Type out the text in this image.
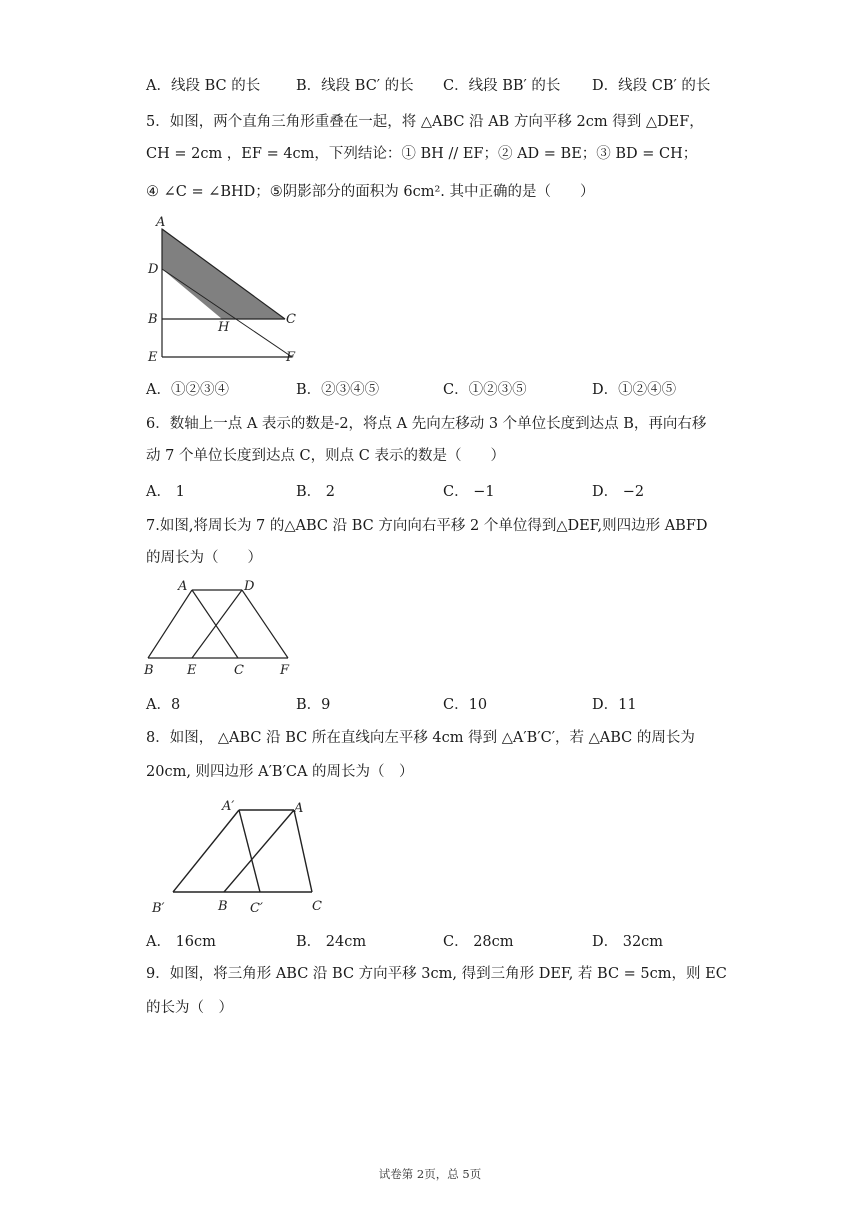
A．线段 BC 的长 B．线段 BC′ 的长 C．线段 BB′ 的长 D．线段 CB′ 的长
5．如图，两个直角三角形重叠在一起，将 △ABC 沿 AB 方向平移 2cm 得到 △DEF，
CH = 2cm ，EF = 4cm，下列结论：① BH // EF；② AD = BE；③ BD = CH；
④ ∠C = ∠BHD；⑤阴影部分的面积为 6cm². 其中正确的是（　　）
A
D
B
H
C
E	F
A．①②③④	B．②③④⑤	C．①②③⑤	D．①②④⑤
6．数轴上一点 A 表示的数是-2，将点 A 先向左移动 3 个单位长度到达点 B，再向右移
动 7 个单位长度到达点 C，则点 C 表示的数是（　　）
A． 1	B． 2	C． −1	D． −2
7.如图,将周长为 7 的△ABC 沿 BC 方向向右平移 2 个单位得到△DEF,则四边形 ABFD
的周长为（　　）
A	D
B	E	C	F
A．8	B．9	C．10	D．11
8．如图， △ABC 沿 BC 所在直线向左平移 4cm 得到 △A′B′C′，若 △ABC 的周长为
20cm, 则四边形 A′B′CA 的周长为（　）
A′	A
B′	B C′	C
A． 16cm	B． 24cm	C． 28cm	D． 32cm
9．如图，将三角形 ABC 沿 BC 方向平移 3cm, 得到三角形 DEF, 若 BC = 5cm，则 EC
的长为（　）
试卷第 2页，总 5页
